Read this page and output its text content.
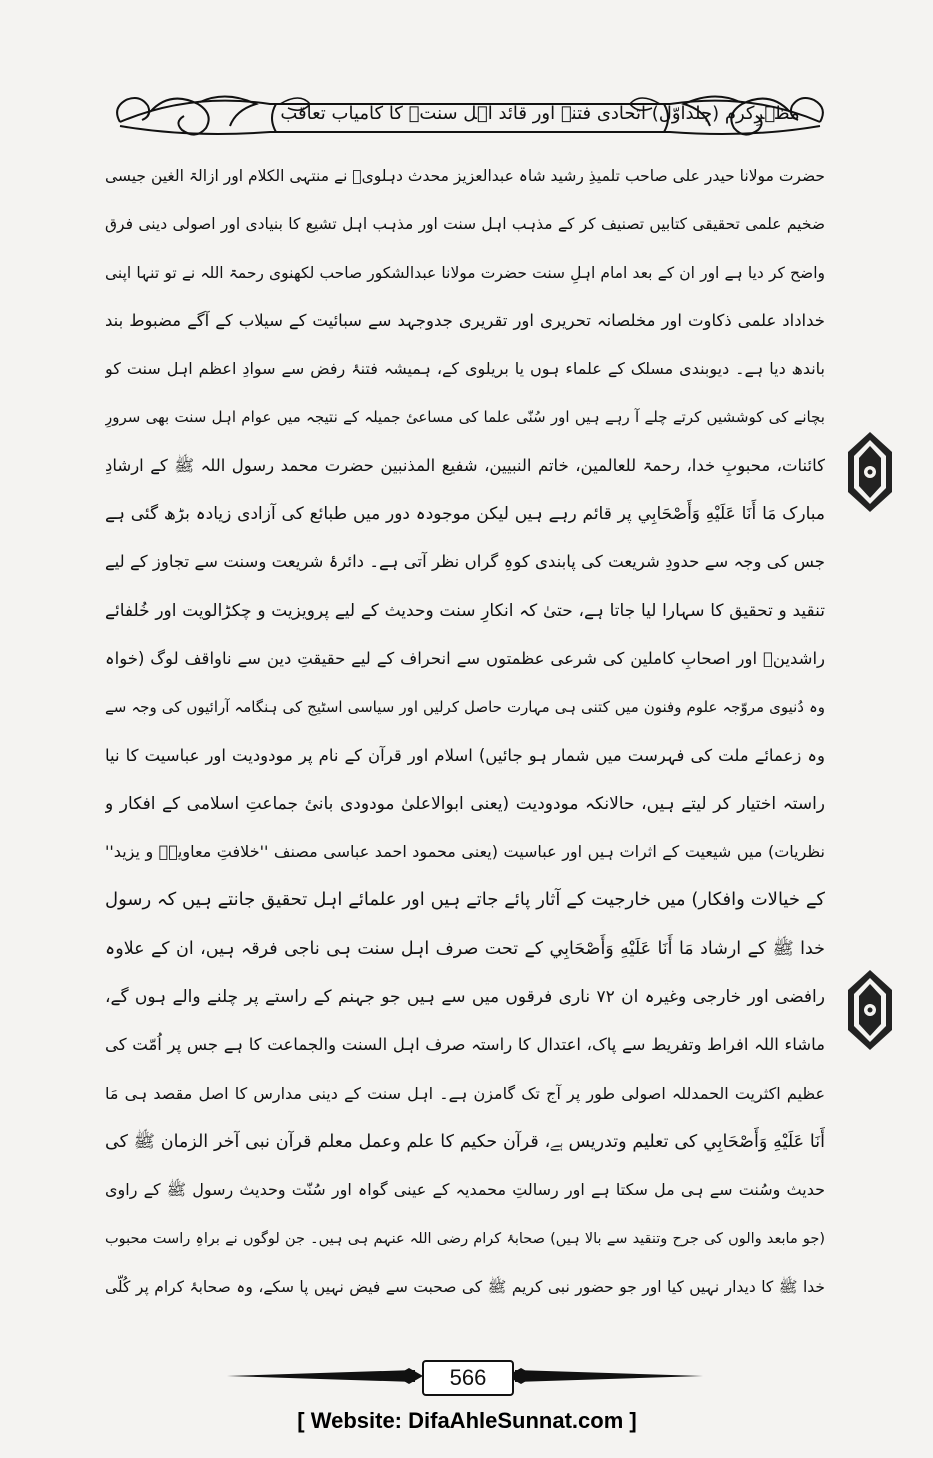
مظہرِکرم (جلداوّل) اتحادی فتنہ اور قائد اہل سنتؒ کا کامیاب تعاقب
حضرت مولانا حیدر علی صاحب تلمیذِ رشید شاہ عبدالعزیز محدث دہلویؒ نے منتہی الکلام اور ازالۃ الغین جیسی
ضخیم علمی تحقیقی کتابیں تصنیف کر کے مذہب اہل سنت اور مذہب اہل تشیع کا بنیادی اور اصولی دینی فرق
واضح کر دیا ہے اور ان کے بعد امام اہلِ سنت حضرت مولانا عبدالشکور صاحب لکھنوی رحمۃ اللہ نے تو تنہا اپنی
خداداد علمی ذکاوت اور مخلصانہ تحریری اور تقریری جدوجہد سے سبائیت کے سیلاب کے آگے مضبوط بند
باندھ دیا ہے۔ دیوبندی مسلک کے علماء ہوں یا بریلوی کے، ہمیشہ فتنۂ رفض سے سوادِ اعظم اہل سنت کو
بچانے کی کوششیں کرتے چلے آ رہے ہیں اور سُنّی علما کی مساعیٔ جمیلہ کے نتیجہ میں عوام اہل سنت بھی سرورِ
کائنات، محبوبِ خدا، رحمۃ للعالمین، خاتم النبیین، شفیع المذنبین حضرت محمد رسول اللہ ﷺ کے ارشادِ
مبارک مَا أَنَا عَلَيْهِ وَأَصْحَابِي پر قائم رہے ہیں لیکن موجودہ دور میں طبائع کی آزادی زیادہ بڑھ گئی ہے
جس کی وجہ سے حدودِ شریعت کی پابندی کوہِ گراں نظر آتی ہے۔ دائرۂ شریعت وسنت سے تجاوز کے لیے
تنقید و تحقیق کا سہارا لیا جاتا ہے، حتیٰ کہ انکارِ سنت وحدیث کے لیے پرویزیت و چکڑالویت اور خُلفائے
راشدینؓ اور اصحابِ کاملین کی شرعی عظمتوں سے انحراف کے لیے حقیقتِ دین سے ناواقف لوگ (خواہ
وہ دُنیوی مروّجہ علوم وفنون میں کتنی ہی مہارت حاصل کرلیں اور سیاسی اسٹیج کی ہنگامہ آرائیوں کی وجہ سے
وہ زعمائے ملت کی فہرست میں شمار ہو جائیں) اسلام اور قرآن کے نام پر مودودیت اور عباسیت کا نیا
راستہ اختیار کر لیتے ہیں، حالانکہ مودودیت (یعنی ابوالاعلیٰ مودودی بانیٔ جماعتِ اسلامی کے افکار و
نظریات) میں شیعیت کے اثرات ہیں اور عباسیت (یعنی محمود احمد عباسی مصنف ''خلافتِ معاویہؓ و یزید''
کے خیالات وافکار) میں خارجیت کے آثار پائے جاتے ہیں اور علمائے اہل تحقیق جانتے ہیں کہ رسول
خدا ﷺ کے ارشاد مَا أَنَا عَلَيْهِ وَأَصْحَابِي کے تحت صرف اہل سنت ہی ناجی فرقہ ہیں، ان کے علاوہ
رافضی اور خارجی وغیرہ ان ۷۲ ناری فرقوں میں سے ہیں جو جہنم کے راستے پر چلنے والے ہوں گے،
ماشاء اللہ افراط وتفریط سے پاک، اعتدال کا راستہ صرف اہل السنت والجماعت کا ہے جس پر اُمّت کی
عظیم اکثریت الحمدللہ اصولی طور پر آج تک گامزن ہے۔ اہل سنت کے دینی مدارس کا اصل مقصد ہی مَا
أَنَا عَلَيْهِ وَأَصْحَابِي کی تعلیم وتدریس ہے، قرآن حکیم کا علم وعمل معلم قرآن نبی آخر الزمان ﷺ کی
حدیث وسُنت سے ہی مل سکتا ہے اور رسالتِ محمدیہ کے عینی گواہ اور سُنّت وحدیث رسول ﷺ کے راوی
(جو مابعد والوں کی جرح وتنقید سے بالا ہیں) صحابۂ کرام رضی اللہ عنہم ہی ہیں۔ جن لوگوں نے براہِ راست محبوب
خدا ﷺ کا دیدار نہیں کیا اور جو حضور نبی کریم ﷺ کی صحبت سے فیض نہیں پا سکے، وہ صحابۂ کرام پر کُلّی
566
[ Website: DifaAhleSunnat.com ]
